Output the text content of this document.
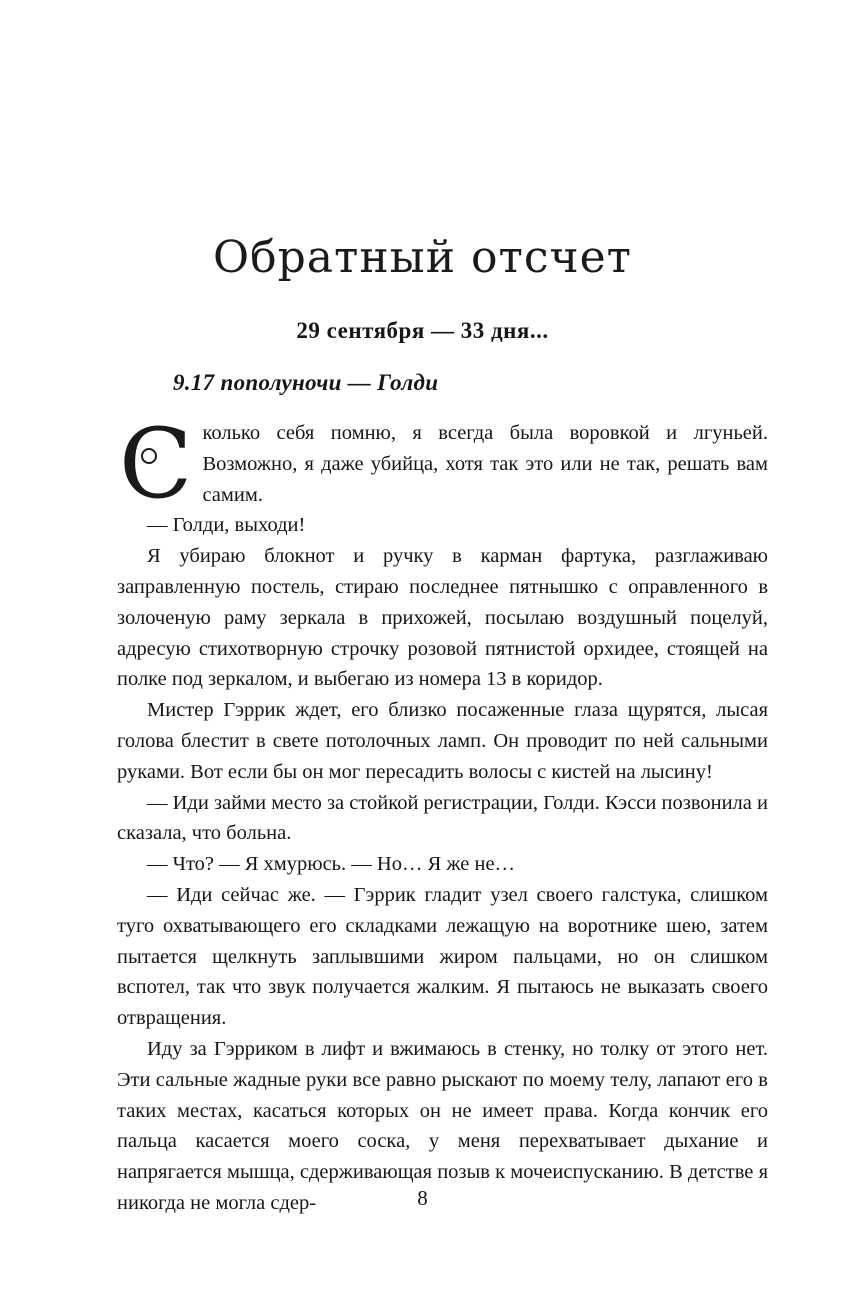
Обратный отсчет
29 сентября — 33 дня...
9.17 пополуночи — Голди

Сколько себя помню, я всегда была воровкой и лгуньей. Возможно, я даже убийца, хотя так это или не так, решать вам самим.

— Голди, выходи!

Я убираю блокнот и ручку в карман фартука, разглаживаю заправленную постель, стираю последнее пятнышко с оправленного в золоченую раму зеркала в прихожей, посылаю воздушный поцелуй, адресую стихотворную строчку розовой пятнистой орхидее, стоящей на полке под зеркалом, и выбегаю из номера 13 в коридор.

Мистер Гэррик ждет, его близко посаженные глаза щурятся, лысая голова блестит в свете потолочных ламп. Он проводит по ней сальными руками. Вот если бы он мог пересадить волосы с кистей на лысину!

— Иди займи место за стойкой регистрации, Голди. Кэсси позвонила и сказала, что больна.

— Что? — Я хмурюсь. — Но… Я же не…

— Иди сейчас же. — Гэррик гладит узел своего галстука, слишком туго охватывающего его складками лежащую на воротнике шею, затем пытается щелкнуть заплывшими жиром пальцами, но он слишком вспотел, так что звук получается жалким. Я пытаюсь не выказать своего отвращения.

Иду за Гэрриком в лифт и вжимаюсь в стенку, но толку от этого нет. Эти сальные жадные руки все равно рыскают по моему телу, лапают его в таких местах, касаться которых он не имеет права. Когда кончик его пальца касается моего соска, у меня перехватывает дыхание и напрягается мышца, сдерживающая позыв к мочеиспусканию. В детстве я никогда не могла сдер-	8
